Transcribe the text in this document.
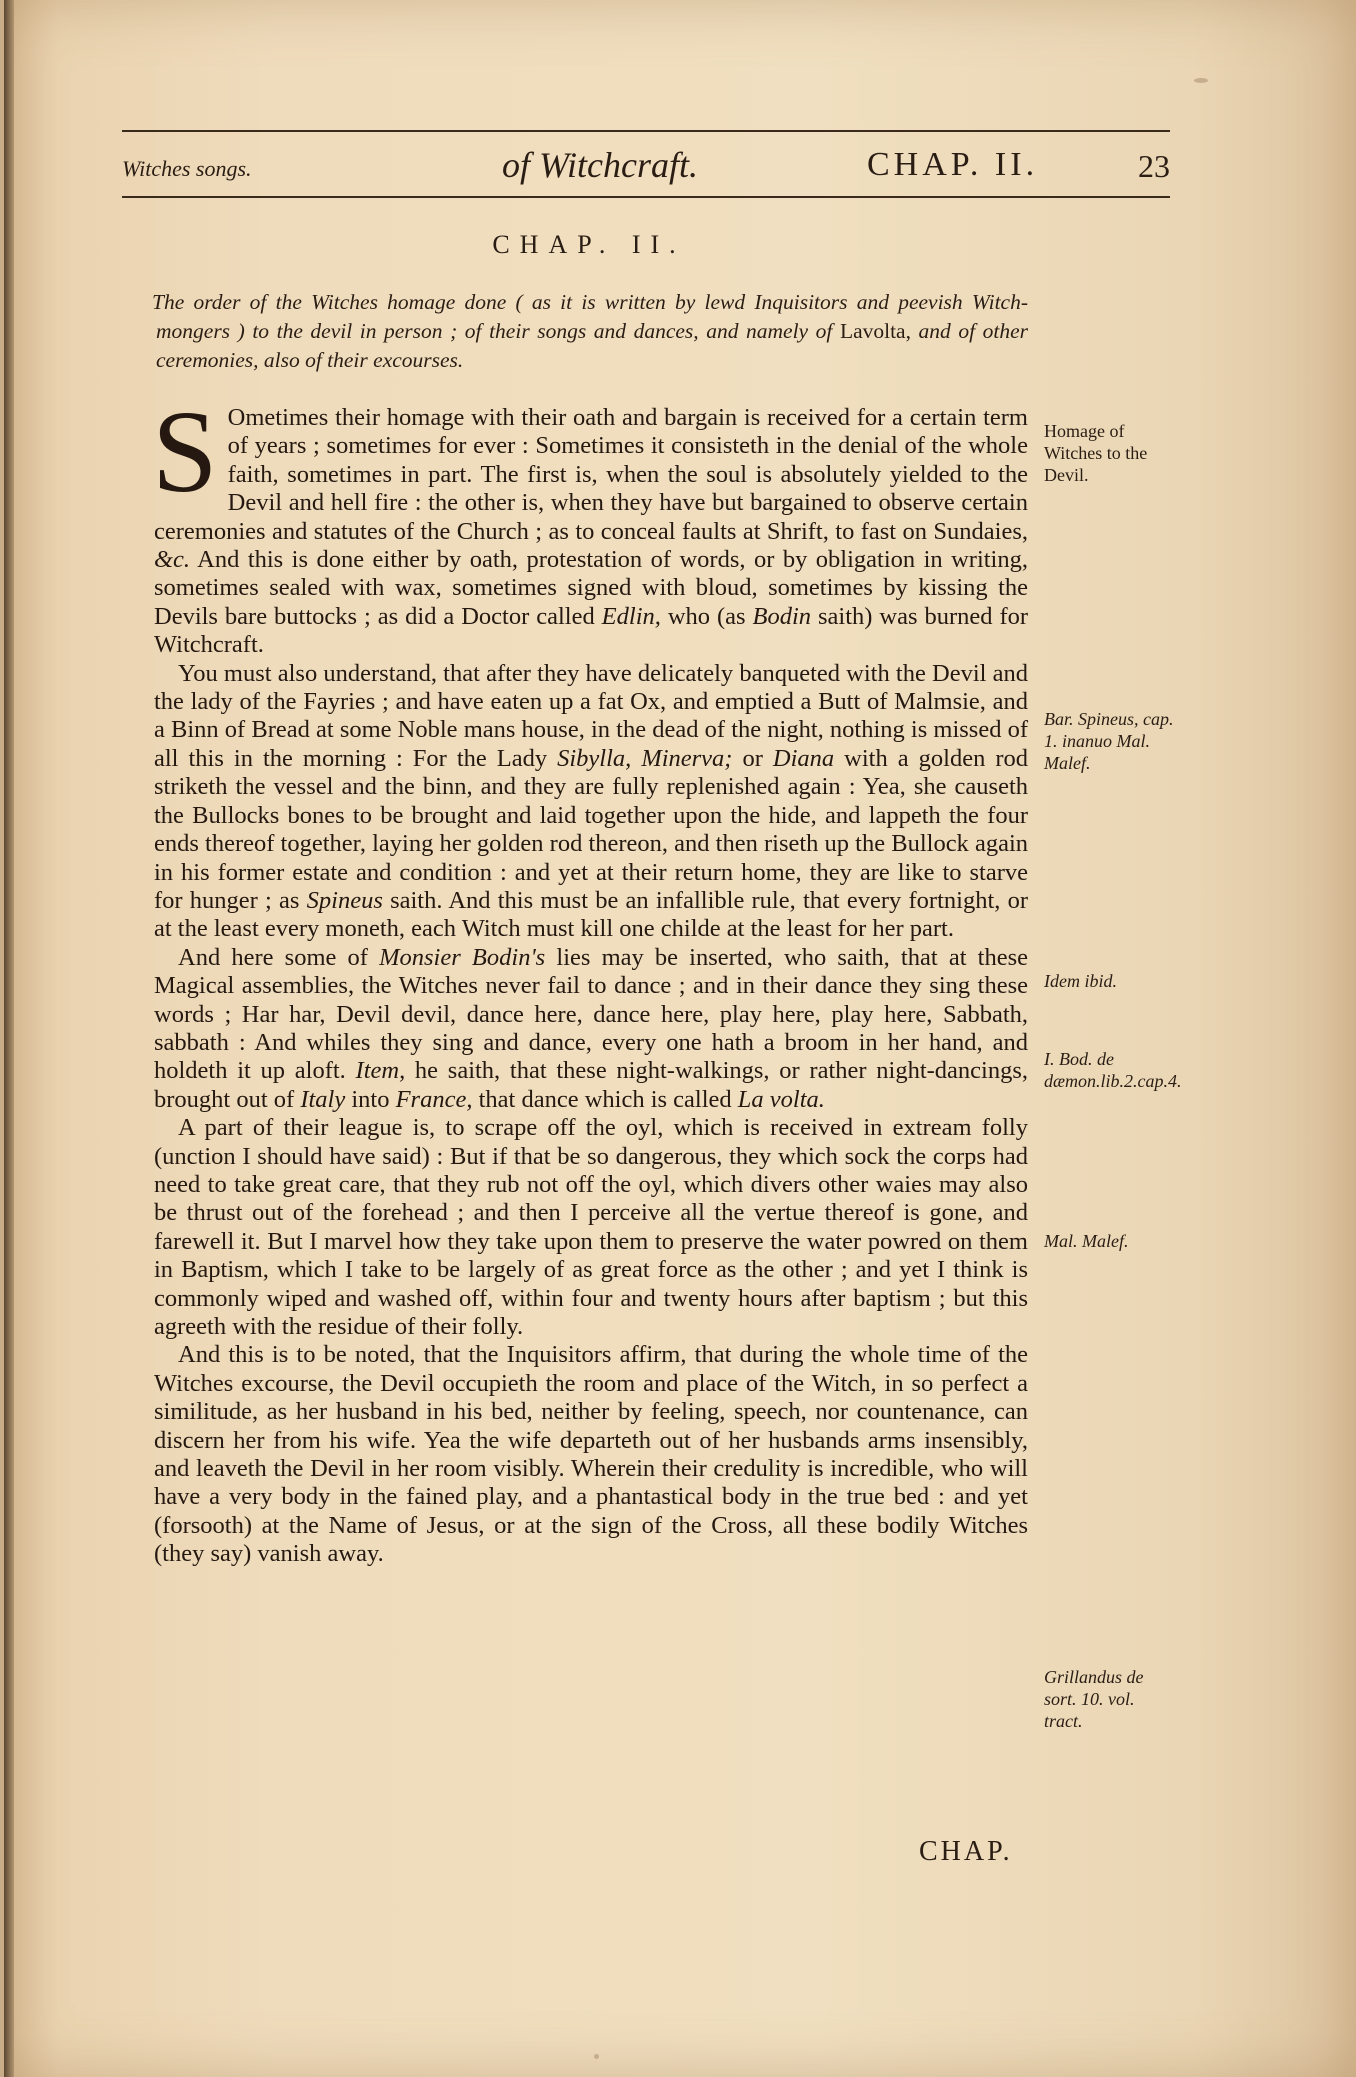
Witches songs.	of Witchcraft.	CHAP. II.	23
CHAP. II.
The order of the Witches homage done ( as it is written by lewd Inquisitors and peevish Witch-mongers ) to the devil in person ; of their songs and dances, and namely of Lavolta, and of other ceremonies, also of their excourses.

S Ometimes their homage with their oath and bargain is received for a certain term of years ; sometimes for ever : Sometimes it consisteth in the denial of the whole faith, sometimes in part. The first is, when the soul is absolutely yielded to the Devil and hell fire : the other is, when they have but bargained to observe certain ceremonies and statutes of the Church ; as to conceal faults at Shrift, to fast on Sundaies, &c. And this is done either by oath, protestation of words, or by obligation in writing, sometimes sealed with wax, sometimes signed with bloud, sometimes by kissing the Devils bare buttocks ; as did a Doctor called Edlin, who (as Bodin saith) was burned for Witchcraft.

You must also understand, that after they have delicately banqueted with the Devil and the lady of the Fayries ; and have eaten up a fat Ox, and emptied a Butt of Malmsie, and a Binn of Bread at some Noble mans house, in the dead of the night, nothing is missed of all this in the morning : For the Lady Sibylla, Minerva; or Diana with a golden rod striketh the vessel and the binn, and they are fully replenished again : Yea, she causeth the Bullocks bones to be brought and laid together upon the hide, and lappeth the four ends thereof together, laying her golden rod thereon, and then riseth up the Bullock again in his former estate and condition : and yet at their return home, they are like to starve for hunger ; as Spineus saith. And this must be an infallible rule, that every fortnight, or at the least every moneth, each Witch must kill one childe at the least for her part.

And here some of Monsier Bodin's lies may be inserted, who saith, that at these Magical assemblies, the Witches never fail to dance ; and in their dance they sing these words ; Har har, Devil devil, dance here, dance here, play here, play here, Sabbath, sabbath : And whiles they sing and dance, every one hath a broom in her hand, and holdeth it up aloft. Item, he saith, that these night-walkings, or rather night-dancings, brought out of Italy into France, that dance which is called La volta.

A part of their league is, to scrape off the oyl, which is received in extream folly (unction I should have said) : But if that be so dangerous, they which sock the corps had need to take great care, that they rub not off the oyl, which divers other waies may also be thrust out of the forehead ; and then I perceive all the vertue thereof is gone, and farewell it. But I marvel how they take upon them to preserve the water powred on them in Baptism, which I take to be largely of as great force as the other ; and yet I think is commonly wiped and washed off, within four and twenty hours after baptism ; but this agreeth with the residue of their folly.

And this is to be noted, that the Inquisitors affirm, that during the whole time of the Witches excourse, the Devil occupieth the room and place of the Witch, in so perfect a similitude, as her husband in his bed, neither by feeling, speech, nor countenance, can discern her from his wife. Yea the wife departeth out of her husbands arms insensibly, and leaveth the Devil in her room visibly. Wherein their credulity is incredible, who will have a very body in the fained play, and a phantastical body in the true bed : and yet (forsooth) at the Name of Jesus, or at the sign of the Cross, all these bodily Witches (they say) vanish away.

Homage of Witches to the Devil.
Bar. Spineus, cap. 1. inanuo Mal. Malef.
Idem ibid.
I. Bod. de dæmon.lib.2.cap.4.
Mal. Malef.
Grillandus de sort. 10. vol. tract.
CHAP.
